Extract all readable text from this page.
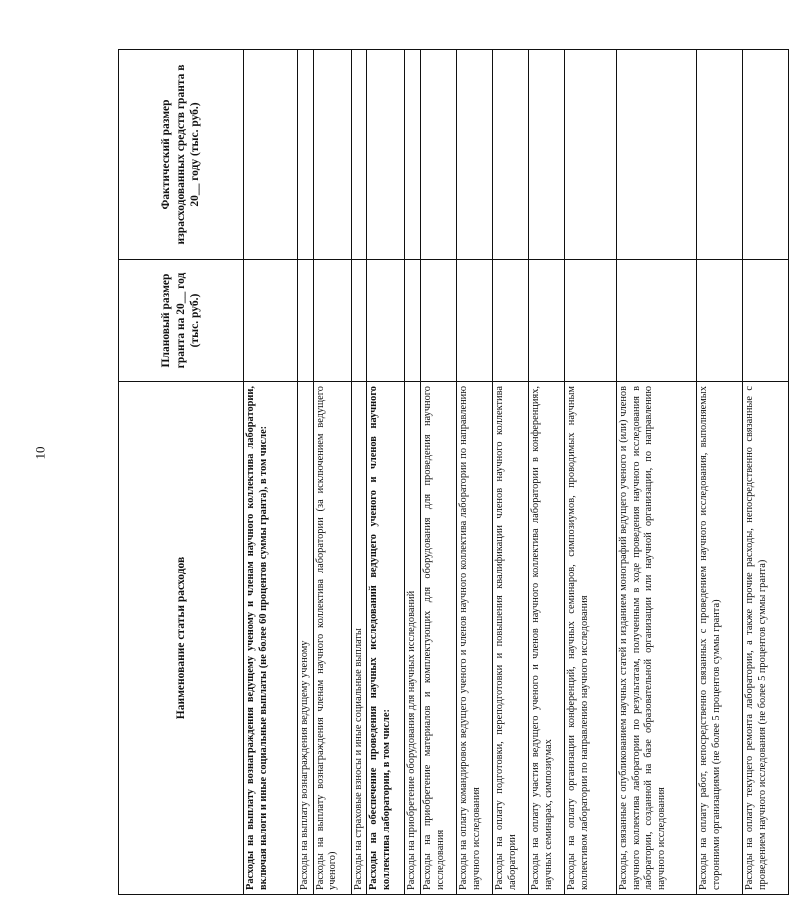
10
Наименование статьи расходов	Плановый размер гранта на 20__ год (тыс. руб.)	Фактический размер израсходованных средств гранта в 20__ году (тыс. руб.)
Расходы на выплату вознаграждения ведущему ученому и членам научного коллектива лаборатории, включая налоги и иные социальные выплаты (не более 60 процентов суммы гранта), в том числе:		
Расходы на выплату вознаграждения ведущему ученому		
Расходы на выплату вознаграждения членам научного коллектива лаборатории (за исключением ведущего ученого)		
Расходы на страховые взносы и иные социальные выплаты		
Расходы на обеспечение проведения научных исследований ведущего ученого и членов научного коллектива лаборатории, в том числе:		
Расходы на приобретение оборудования для научных исследований		
Расходы на приобретение материалов и комплектующих для оборудования для проведения научного исследования		
Расходы на оплату командировок ведущего ученого и членов научного коллектива лаборатории по направлению научного исследования		
Расходы на оплату подготовки, переподготовки и повышения квалификации членов научного коллектива лаборатории		
Расходы на оплату участия ведущего ученого и членов научного коллектива лаборатории в конференциях, научных семинарах, симпозиумах		
Расходы на оплату организации конференций, научных семинаров, симпозиумов, проводимых научным коллективом лаборатории по направлению научного исследования		
Расходы, связанные с опубликованием научных статей и изданием монографий ведущего ученого и (или) членов научного коллектива лаборатории по результатам, полученным в ходе проведения научного исследования в лаборатории, созданной на базе образовательной организации или научной организации, по направлению научного исследования		
Расходы на оплату работ, непосредственно связанных с проведением научного исследования, выполняемых сторонними организациями (не более 5 процентов суммы гранта)		
Расходы на оплату текущего ремонта лаборатории, а также прочие расходы, непосредственно связанные с проведением научного исследования (не более 5 процентов суммы гранта)		
